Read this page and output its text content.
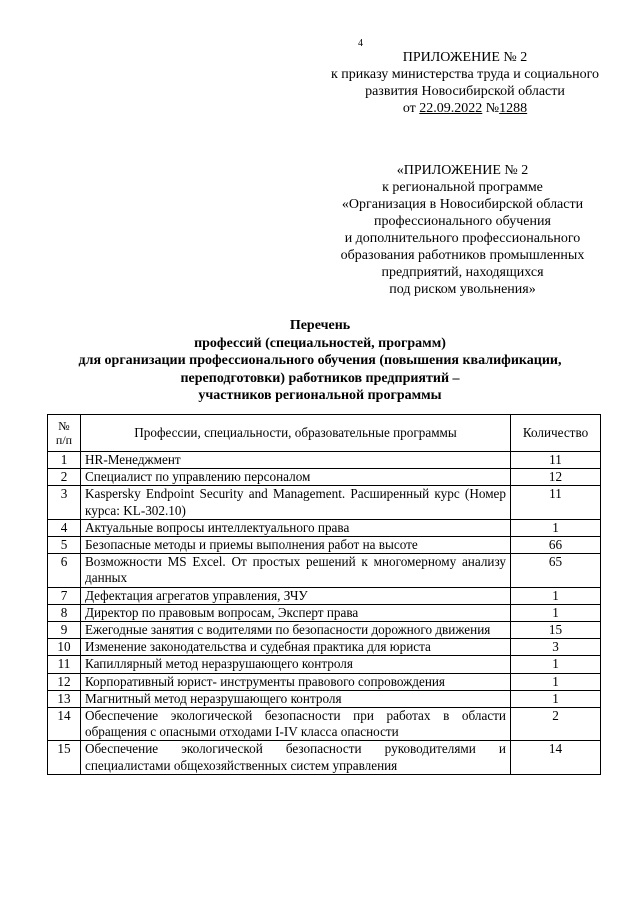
4
ПРИЛОЖЕНИЕ № 2
к приказу министерства труда и социального
развития Новосибирской области
от 22.09.2022 №1288
«ПРИЛОЖЕНИЕ № 2
к региональной программе
«Организация в Новосибирской области
профессионального обучения
и дополнительного профессионального
образования работников промышленных
предприятий, находящихся
под риском увольнения»
Перечень
профессий (специальностей, программ)
для организации профессионального обучения (повышения квалификации,
переподготовки) работников предприятий –
участников региональной программы
№
п/п	Профессии, специальности, образовательные программы	Количество
1	HR-Менеджмент	11
2	Специалист по управлению персоналом	12
3	Kaspersky Endpoint Security and Management. Расширенный курс (Номер курса: KL-302.10)	11
4	Актуальные вопросы интеллектуального права	1
5	Безопасные методы и приемы выполнения работ на высоте	66
6	Возможности MS Excel. От простых решений к многомерному анализу данных	65
7	Дефектация агрегатов управления, ЗЧУ	1
8	Директор по правовым вопросам, Эксперт права	1
9	Ежегодные занятия с водителями по безопасности дорожного движения	15
10	Изменение законодательства и судебная практика для юриста	3
11	Капиллярный метод неразрушающего контроля	1
12	Корпоративный юрист- инструменты правового сопровождения	1
13	Магнитный метод неразрушающего контроля	1
14	Обеспечение экологической безопасности при работах в области обращения с опасными отходами I-IV класса опасности	2
15	Обеспечение экологической безопасности руководителями и специалистами общехозяйственных систем управления	14
